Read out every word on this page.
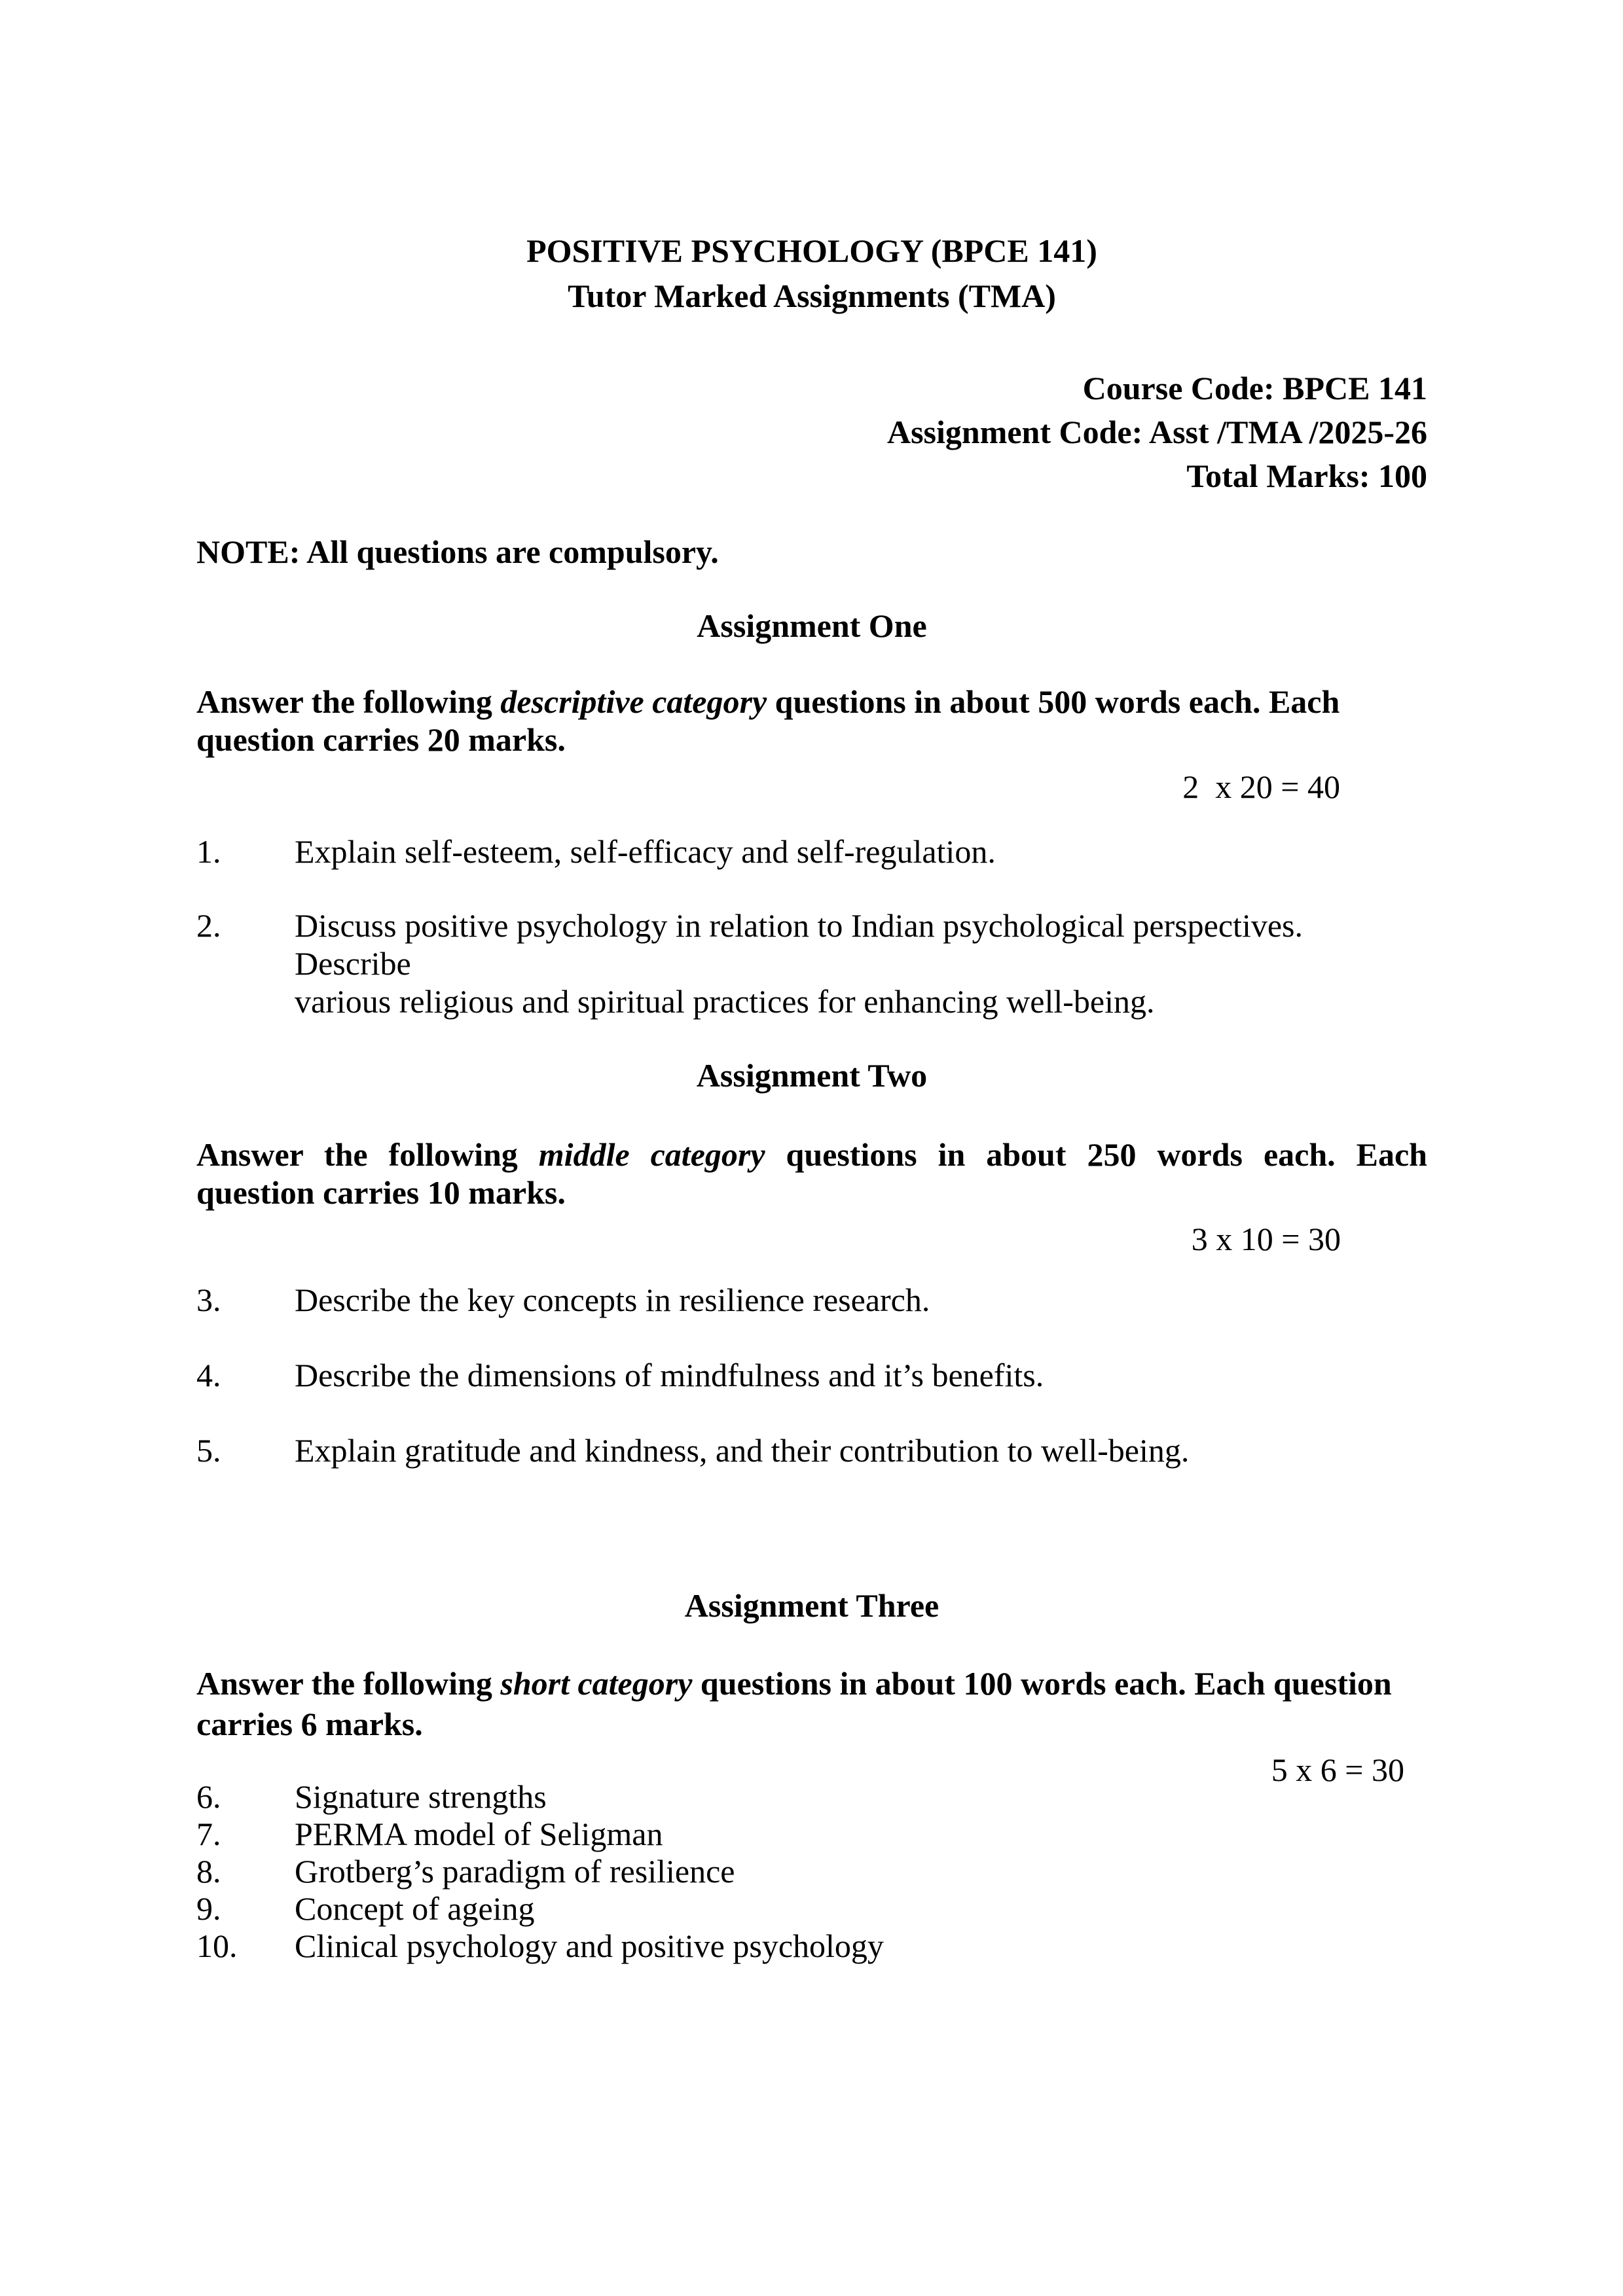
POSITIVE PSYCHOLOGY (BPCE 141)
Tutor Marked Assignments (TMA)
Course Code: BPCE 141
Assignment Code: Asst /TMA /2025-26
Total Marks: 100
NOTE: All questions are compulsory.
Assignment One
Answer the following descriptive category questions in about 500 words each. Each
question carries 20 marks.
2  x 20 = 40
1.	Explain self-esteem, self-efficacy and self-regulation.
2.	Discuss positive psychology in relation to Indian psychological perspectives. Describe
various religious and spiritual practices for enhancing well-being.
Assignment Two
Answer the following middle category questions in about 250 words each. Each
question carries 10 marks.
3 x 10 = 30
3.	Describe the key concepts in resilience research.
4.	Describe the dimensions of mindfulness and it’s benefits.
5.	Explain gratitude and kindness, and their contribution to well-being.
Assignment Three
Answer the following short category questions in about 100 words each. Each question
carries 6 marks.
5 x 6 = 30
6.	Signature strengths
7.	PERMA model of Seligman
8.	Grotberg’s paradigm of resilience
9.	Concept of ageing
10.	Clinical psychology and positive psychology
